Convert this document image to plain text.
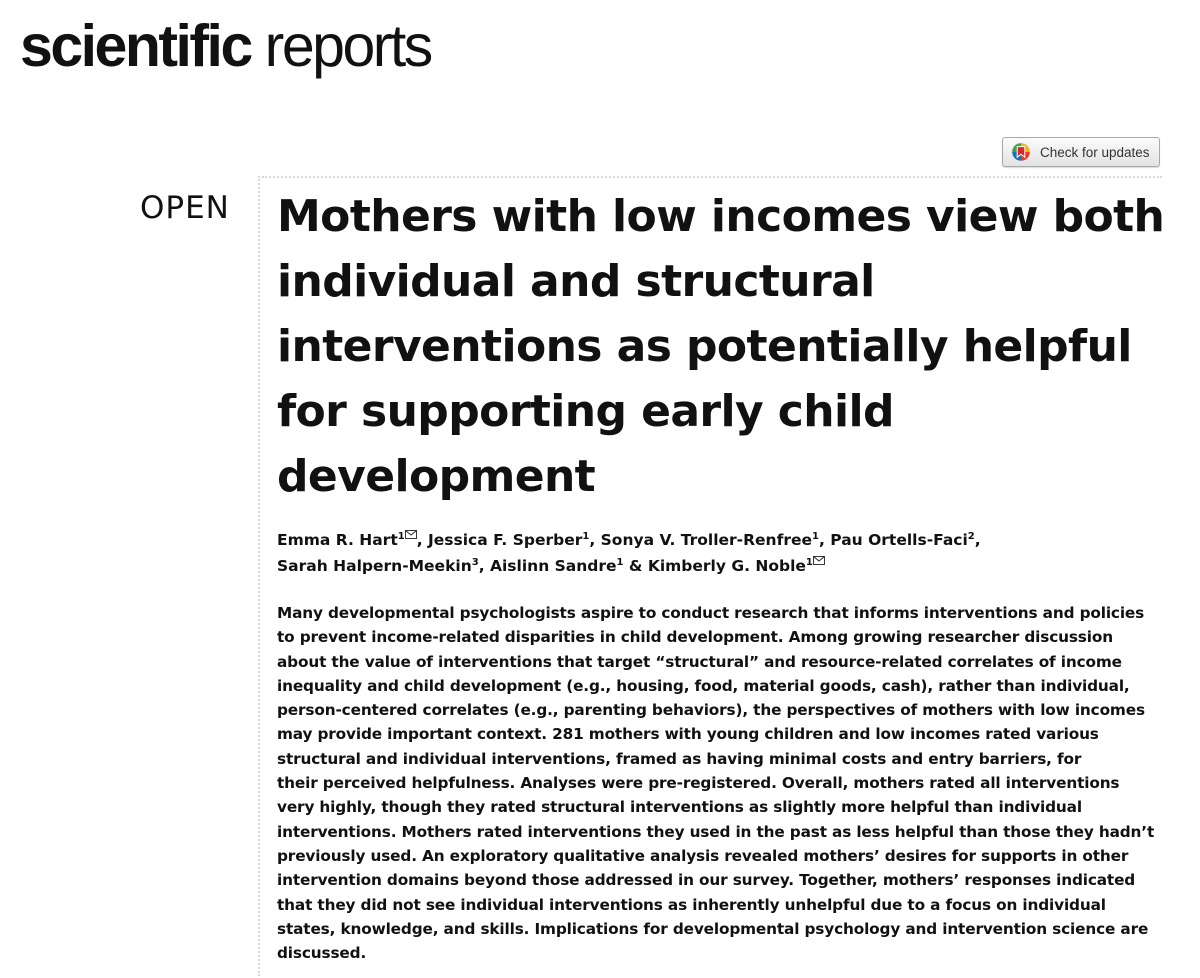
scientific reports
Check for updates
OPEN Mothers with low incomes view both individual and structural interventions as potentially helpful for supporting early child development
Emma R. Hart$^1$ , Jessica F. Sperber$^1$, Sonya V. Troller-Renfree$^1$, Pau Ortells-Faci$^2$,
Sarah Halpern-Meekin$^3$, Aislinn Sandre$^1$ & Kimberly G. Noble$^1$

Many developmental psychologists aspire to conduct research that informs interventions and policies
to prevent income-related disparities in child development. Among growing researcher discussion
about the value of interventions that target “structural” and resource-related correlates of income
inequality and child development (e.g., housing, food, material goods, cash), rather than individual,
person-centered correlates (e.g., parenting behaviors), the perspectives of mothers with low incomes
may provide important context. 281 mothers with young children and low incomes rated various
structural and individual interventions, framed as having minimal costs and entry barriers, for
their perceived helpfulness. Analyses were pre-registered. Overall, mothers rated all interventions
very highly, though they rated structural interventions as slightly more helpful than individual
interventions. Mothers rated interventions they used in the past as less helpful than those they hadn’t
previously used. An exploratory qualitative analysis revealed mothers’ desires for supports in other
intervention domains beyond those addressed in our survey. Together, mothers’ responses indicated
that they did not see individual interventions as inherently unhelpful due to a focus on individual
states, knowledge, and skills. Implications for developmental psychology and intervention science are
discussed.
